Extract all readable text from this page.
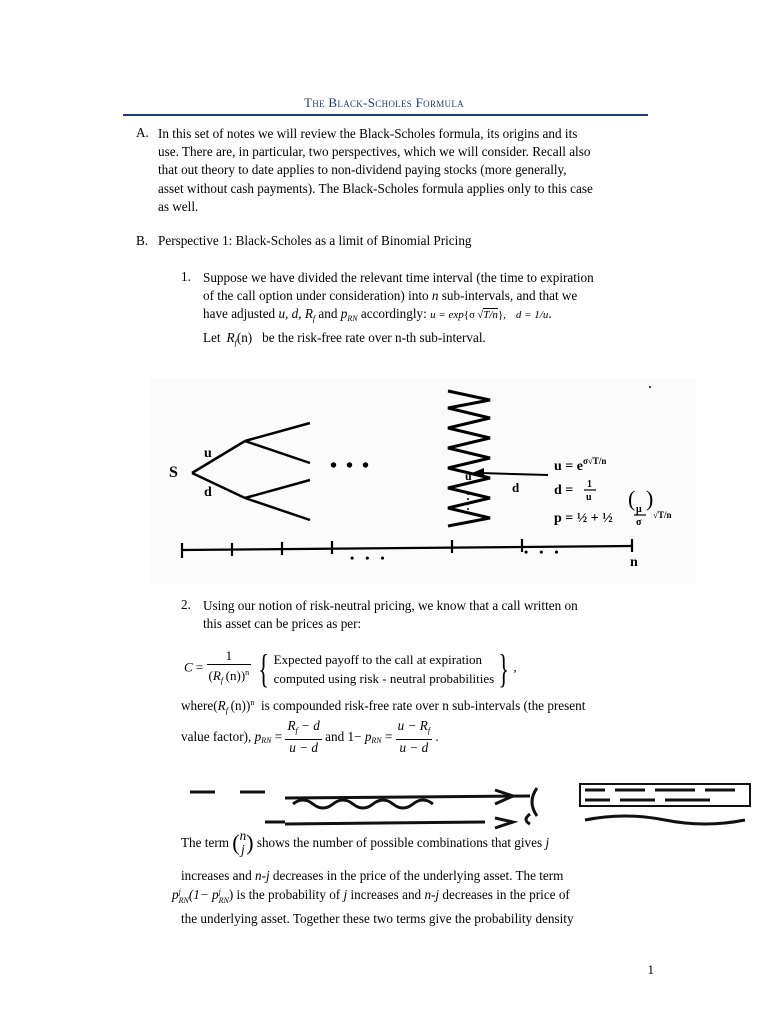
The Black-Scholes Formula
A. In this set of notes we will review the Black-Scholes formula, its origins and its
use. There are, in particular, two perspectives, which we will consider. Recall also
that out theory to date applies to non-dividend paying stocks (more generally,
asset without cash payments). The Black-Scholes formula applies only to this case
as well.
B. Perspective 1: Black-Scholes as a limit of Binomial Pricing
1. Suppose we have divided the relevant time interval (the time to expiration
of the call option under consideration) into n sub-intervals, and that we
have adjusted u, d, $R_f$ and $p_{RN}$ accordingly: u = exp{σ √T/n}, d = 1/u.
Let  $R_f(n)$   be the risk-free rate over n-th sub-interval.
S
u
d
• • •	u
d
$u = e^{\sigma√T/n}$
d = 1
u
p = ½ + ½
( μ
σ
)
√T/n
n
• • •	• • •
2. Using our notion of risk-neutral pricing, we know that a call written on
this asset can be prices as per:
$C = \frac{1}{(R_f (n))^n}$ { Expected payoff to the call at expiration
computed using risk - neutral probabilities } ,
$where(R_f$  (n))$^n$  is compounded risk-free rate over n sub-intervals (the present
value factor), $p_{RN} = \frac{R_f - d}{u - d}$ and $1- p_{RN} = \frac{u - R_f}{u - d}$ .
The term ( n
j ) shows the number of possible combinations that gives j
increases and n-j decreases in the price of the underlying asset. The term
p j
RN (1− p j
RN ) is the probability of j increases and n-j decreases in the price of
the underlying asset. Together these two terms give the probability density
1
